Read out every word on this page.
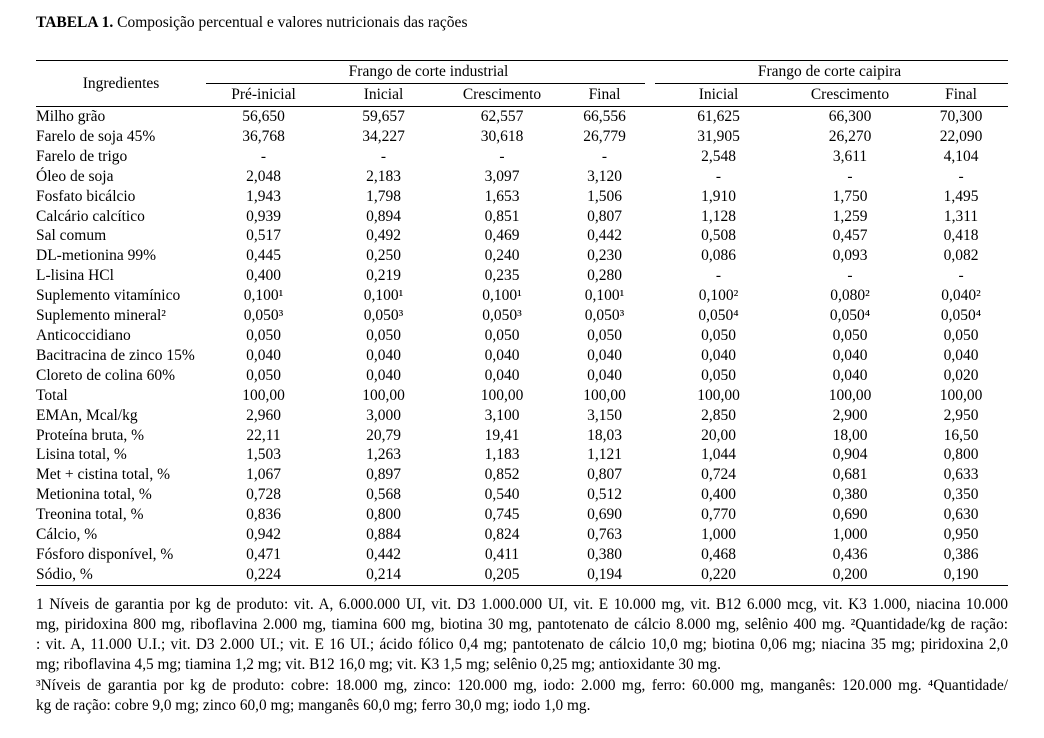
TABELA 1. Composição percentual e valores nutricionais das rações
Ingredientes	Frango de corte industrial				Frango de corte caipira		
	Pré-inicial	Inicial	Crescimento	Final	Inicial	Crescimento	Final
Milho grão	56,650	59,657	62,557	66,556	61,625	66,300	70,300
Farelo de soja 45%	36,768	34,227	30,618	26,779	31,905	26,270	22,090
Farelo de trigo	-	-	-	-	2,548	3,611	4,104
Óleo de soja	2,048	2,183	3,097	3,120	-	-	-
Fosfato bicálcio	1,943	1,798	1,653	1,506	1,910	1,750	1,495
Calcário calcítico	0,939	0,894	0,851	0,807	1,128	1,259	1,311
Sal comum	0,517	0,492	0,469	0,442	0,508	0,457	0,418
DL-metionina 99%	0,445	0,250	0,240	0,230	0,086	0,093	0,082
L-lisina HCl	0,400	0,219	0,235	0,280	-	-	-
Suplemento vitamínico	0,100¹	0,100¹	0,100¹	0,100¹	0,100²	0,080²	0,040²
Suplemento mineral²	0,050³	0,050³	0,050³	0,050³	0,050⁴	0,050⁴	0,050⁴
Anticoccidiano	0,050	0,050	0,050	0,050	0,050	0,050	0,050
Bacitracina de zinco 15%	0,040	0,040	0,040	0,040	0,040	0,040	0,040
Cloreto de colina 60%	0,050	0,040	0,040	0,040	0,050	0,040	0,020
Total	100,00	100,00	100,00	100,00	100,00	100,00	100,00
EMAn, Mcal/kg	2,960	3,000	3,100	3,150	2,850	2,900	2,950
Proteína bruta, %	22,11	20,79	19,41	18,03	20,00	18,00	16,50
Lisina total, %	1,503	1,263	1,183	1,121	1,044	0,904	0,800
Met + cistina total, %	1,067	0,897	0,852	0,807	0,724	0,681	0,633
Metionina total, %	0,728	0,568	0,540	0,512	0,400	0,380	0,350
Treonina total, %	0,836	0,800	0,745	0,690	0,770	0,690	0,630
Cálcio, %	0,942	0,884	0,824	0,763	1,000	1,000	0,950
Fósforo disponível, %	0,471	0,442	0,411	0,380	0,468	0,436	0,386
Sódio, %	0,224	0,214	0,205	0,194	0,220	0,200	0,190
1 Níveis de garantia por kg de produto: vit. A, 6.000.000 UI, vit. D3 1.000.000 UI, vit. E 10.000 mg, vit. B12 6.000 mcg, vit. K3 1.000, niacina 10.000
mg, piridoxina 800 mg, riboflavina 2.000 mg, tiamina 600 mg, biotina 30 mg, pantotenato de cálcio 8.000 mg, selênio 400 mg. ²Quantidade/kg de ração:
: vit. A, 11.000 U.I.; vit. D3 2.000 UI.; vit. E 16 UI.; ácido fólico 0,4 mg; pantotenato de cálcio 10,0 mg; biotina 0,06 mg; niacina 35 mg; piridoxina 2,0
mg; riboflavina 4,5 mg; tiamina 1,2 mg; vit. B12 16,0 mg; vit. K3 1,5 mg; selênio 0,25 mg; antioxidante 30 mg.
³Níveis de garantia por kg de produto: cobre: 18.000 mg, zinco: 120.000 mg, iodo: 2.000 mg, ferro: 60.000 mg, manganês: 120.000 mg. ⁴Quantidade/
kg de ração: cobre 9,0 mg; zinco 60,0 mg; manganês 60,0 mg; ferro 30,0 mg; iodo 1,0 mg.
